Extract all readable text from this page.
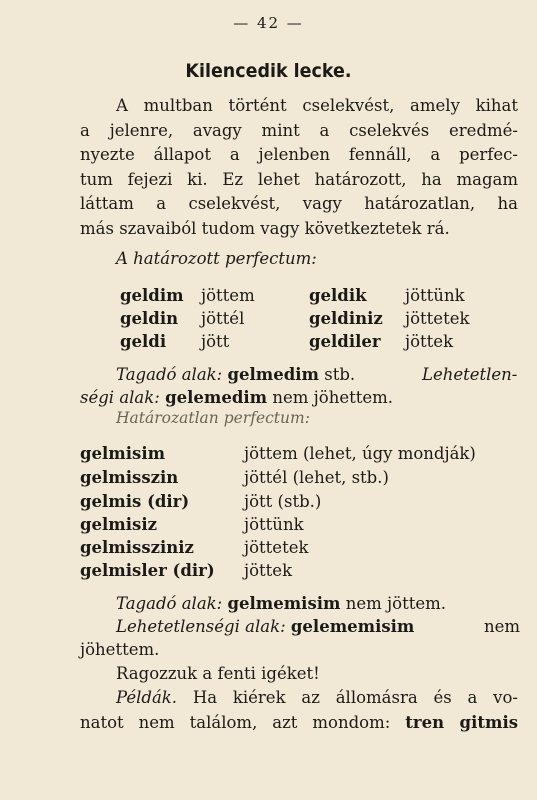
— 42 —
Kilencedik lecke.
A multban történt cselekvést, amely kihat
a jelenre, avagy mint a cselekvés eredmé-
nyezte állapot a jelenben fennáll, a perfec-
tum fejezi ki. Ez lehet határozott, ha magam
láttam a cselekvést, vagy határozatlan, ha
más szavaiból tudom vagy következtetek rá.
A határozott perfectum:
geldim jöttem	geldik jöttünk
geldin jöttél	geldiniz jöttetek
geldi jött	geldiler jöttek
Tagadó alak: gelmedim stb.	Lehetetlen-
ségi alak: gelemedim nem jöhettem.
Határozatlan perfectum:
gelmisim	jöttem (lehet, úgy mondják)
gelmisszin	jöttél (lehet, stb.)
gelmis (dir)	jött (stb.)
gelmisiz	jöttünk
gelmissziniz	jöttetek
gelmisler (dir) jöttek
Tagadó alak: gelmemisim nem jöttem.
Lehetetlenségi alak: gelememisim	nem
jöhettem.
Ragozzuk a fenti igéket!
Példák. Ha kiérek az állomásra és a vo-
natot nem találom, azt mondom: tren gitmis
